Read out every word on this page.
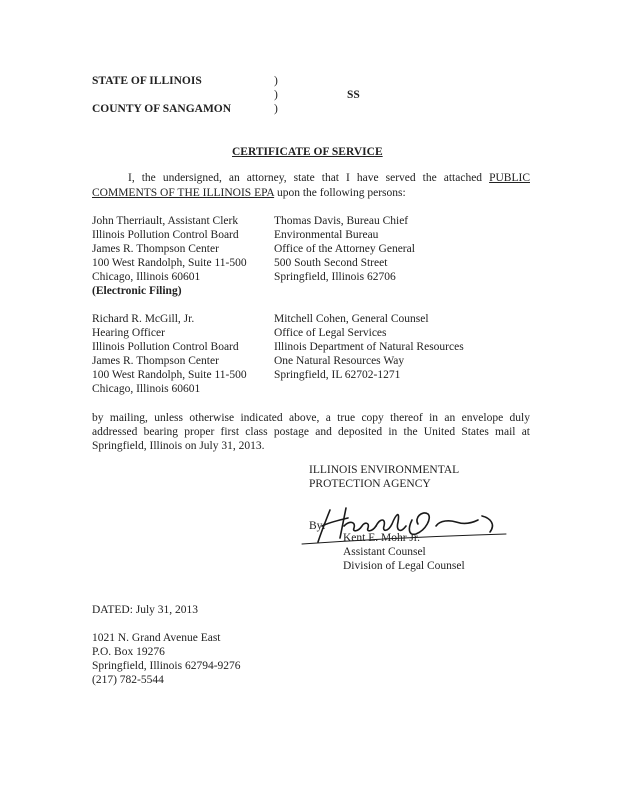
STATE OF ILLINOIS
COUNTY OF SANGAMON
)
)
)
SS
CERTIFICATE OF SERVICE
I, the undersigned, an attorney, state that I have served the attached PUBLIC COMMENTS OF THE ILLINOIS EPA upon the following persons:
John Therriault, Assistant Clerk
Illinois Pollution Control Board
James R. Thompson Center
100 West Randolph, Suite 11-500
Chicago, Illinois 60601
(Electronic Filing)
Thomas Davis, Bureau Chief
Environmental Bureau
Office of the Attorney General
500 South Second Street
Springfield, Illinois 62706
Richard R. McGill, Jr.
Hearing Officer
Illinois Pollution Control Board
James R. Thompson Center
100 West Randolph, Suite 11-500
Chicago, Illinois 60601
Mitchell Cohen, General Counsel
Office of Legal Services
Illinois Department of Natural Resources
One Natural Resources Way
Springfield, IL 62702-1271
by mailing, unless otherwise indicated above, a true copy thereof in an envelope duly addressed bearing proper first class postage and deposited in the United States mail at Springfield, Illinois on July 31, 2013.
ILLINOIS ENVIRONMENTAL
PROTECTION AGENCY
By:
Kent E. Mohr Jr.
Assistant Counsel
Division of Legal Counsel
DATED: July 31, 2013
1021 N. Grand Avenue East
P.O. Box 19276
Springfield, Illinois 62794-9276
(217) 782-5544
